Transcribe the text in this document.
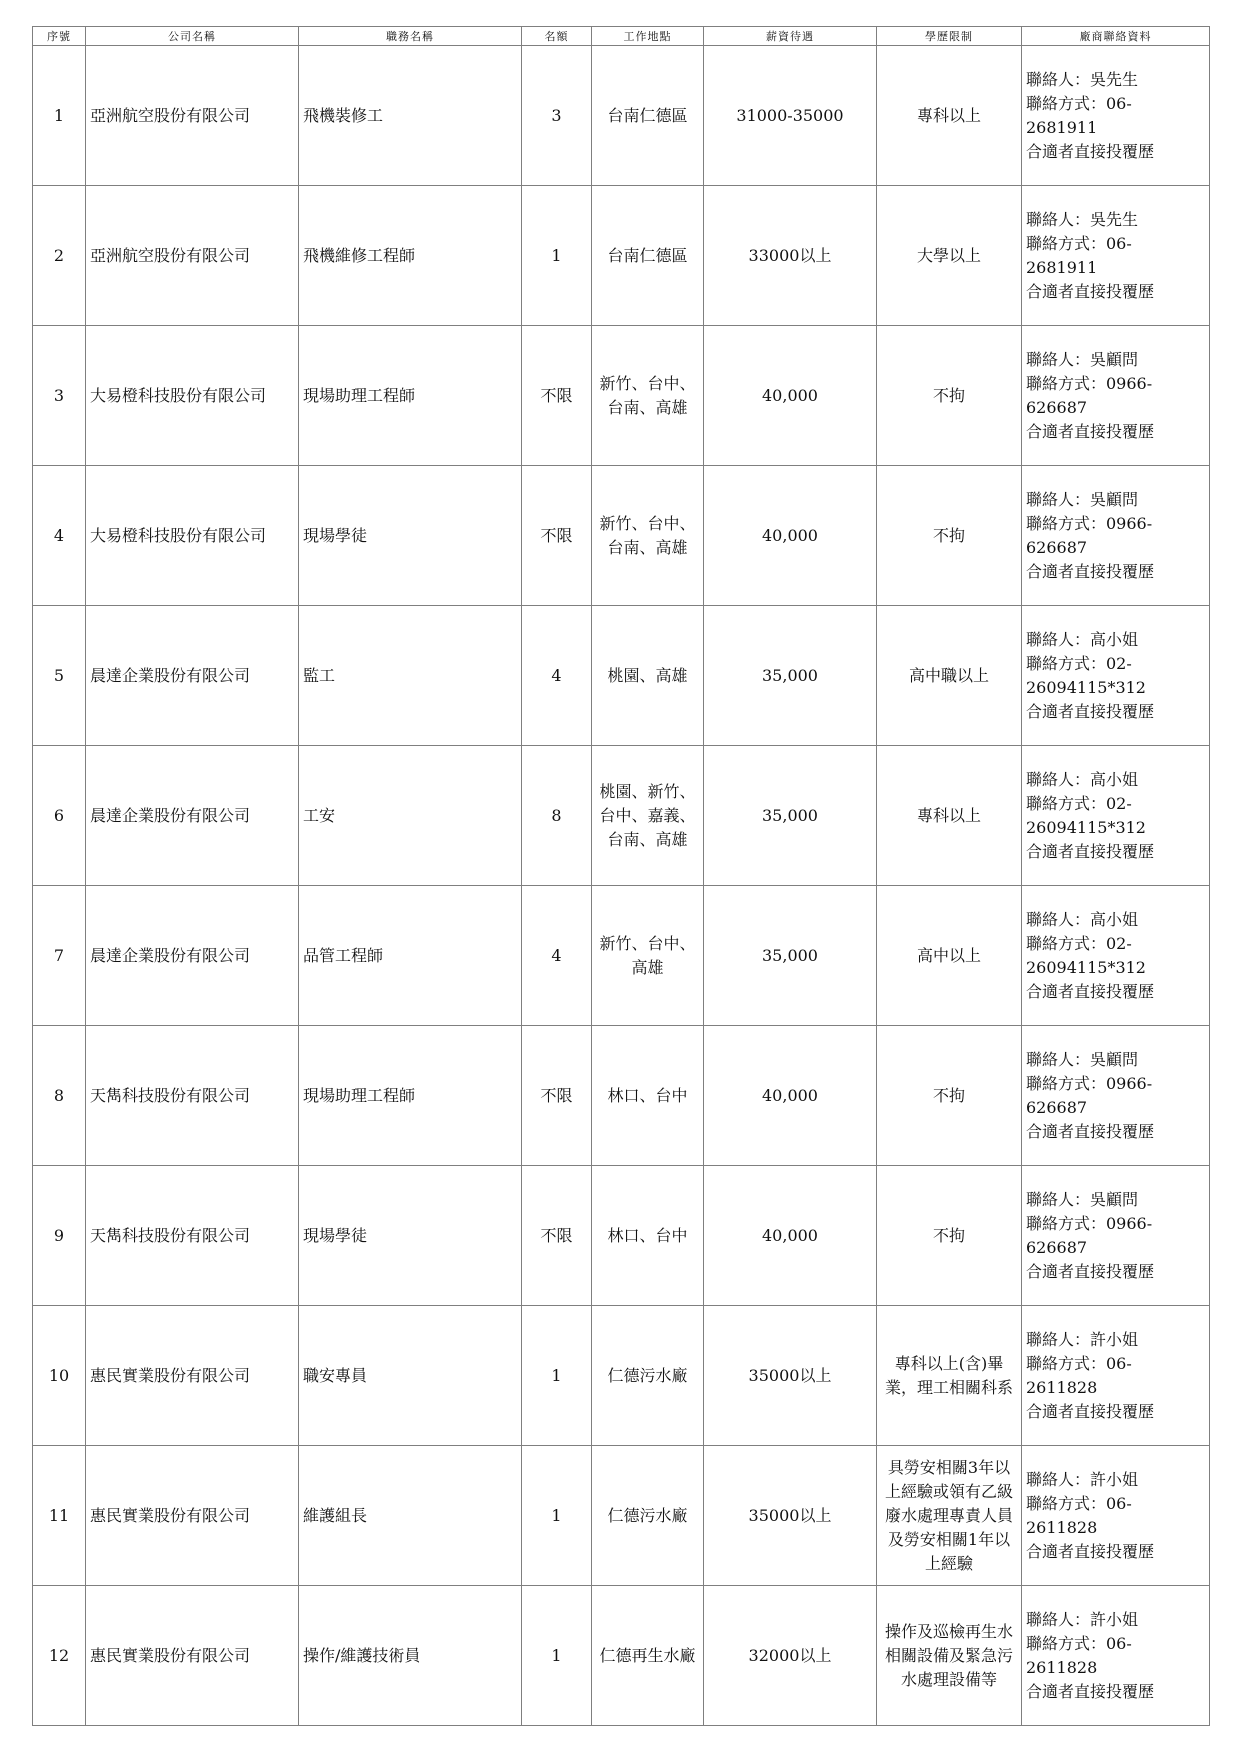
序號	公司名稱	職務名稱	名額	工作地點	薪資待遇	學歷限制	廠商聯絡資料
1	亞洲航空股份有限公司	飛機裝修工	3	台南仁德區	31000-35000	專科以上	聯絡人：吳先生
聯絡方式：06-
2681911
合適者直接投覆歷

2	亞洲航空股份有限公司	飛機維修工程師	1	台南仁德區	33000以上	大學以上	聯絡人：吳先生
聯絡方式：06-
2681911
合適者直接投覆歷

3	大易橙科技股份有限公司	現場助理工程師	不限	新竹、台中、台南、高雄	40,000	不拘	聯絡人：吳顧問
聯絡方式：0966-
626687
合適者直接投覆歷

4	大易橙科技股份有限公司	現場學徒	不限	新竹、台中、台南、高雄	40,000	不拘	聯絡人：吳顧問
聯絡方式：0966-
626687
合適者直接投覆歷

5	晨達企業股份有限公司	監工	4	桃園、高雄	35,000	高中職以上	聯絡人：高小姐
聯絡方式：02-
26094115*312
合適者直接投覆歷

6	晨達企業股份有限公司	工安	8	桃園、新竹、台中、嘉義、台南、高雄	35,000	專科以上	聯絡人：高小姐
聯絡方式：02-
26094115*312
合適者直接投覆歷

7	晨達企業股份有限公司	品管工程師	4	新竹、台中、高雄	35,000	高中以上	聯絡人：高小姐
聯絡方式：02-
26094115*312
合適者直接投覆歷

8	天雋科技股份有限公司	現場助理工程師	不限	林口、台中	40,000	不拘	聯絡人：吳顧問
聯絡方式：0966-
626687
合適者直接投覆歷

9	天雋科技股份有限公司	現場學徒	不限	林口、台中	40,000	不拘	聯絡人：吳顧問
聯絡方式：0966-
626687
合適者直接投覆歷

10	惠民實業股份有限公司	職安專員	1	仁德污水廠	35000以上	專科以上(含)畢業，理工相關科系	聯絡人：許小姐
聯絡方式：06-
2611828
合適者直接投覆歷

11	惠民實業股份有限公司	維護組長	1	仁德污水廠	35000以上	具勞安相關3年以上經驗或領有乙級廢水處理專責人員及勞安相關1年以上經驗	聯絡人：許小姐
聯絡方式：06-
2611828
合適者直接投覆歷

12	惠民實業股份有限公司	操作/維護技術員	1	仁德再生水廠	32000以上	操作及巡檢再生水相關設備及緊急污水處理設備等	聯絡人：許小姐
聯絡方式：06-
2611828
合適者直接投覆歷
